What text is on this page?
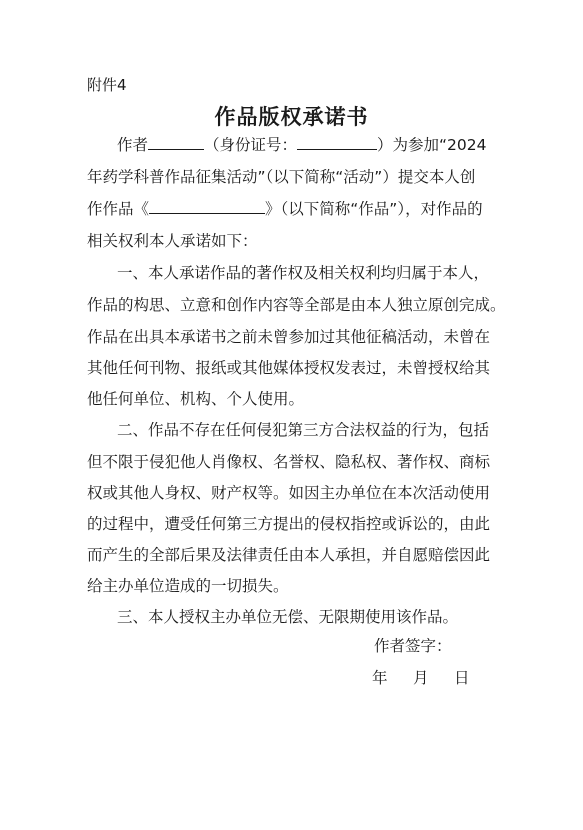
附件4
作品版权承诺书
作者	（身份证号：	）为参加“2024
年药学科普作品征集活动”（以下简称“活动”）提交本人创
作作品《	》（以下简称“作品”），对作品的
相关权利本人承诺如下：
一、本人承诺作品的著作权及相关权利均归属于本人，
作品的构思、立意和创作内容等全部是由本人独立原创完成。
作品在出具本承诺书之前未曾参加过其他征稿活动，未曾在
其他任何刊物、报纸或其他媒体授权发表过，未曾授权给其
他任何单位、机构、个人使用。
二、作品不存在任何侵犯第三方合法权益的行为，包括
但不限于侵犯他人肖像权、名誉权、隐私权、著作权、商标
权或其他人身权、财产权等。如因主办单位在本次活动使用
的过程中，遭受任何第三方提出的侵权指控或诉讼的，由此
而产生的全部后果及法律责任由本人承担，并自愿赔偿因此
给主办单位造成的一切损失。
三、本人授权主办单位无偿、无限期使用该作品。
作者签字：
年 月 日
